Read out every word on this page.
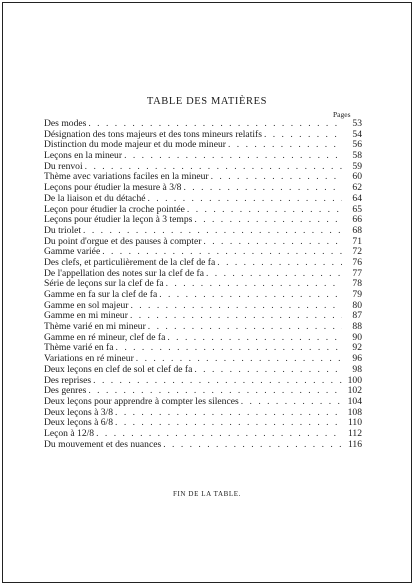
TABLE DES MATIÈRES
Pages
Des modes . . .	53
Désignation des tons majeurs et des tons mineurs relatifs . . .	54
Distinction du mode majeur et du mode mineur . . .	56
Leçons en la mineur . . .	58
Du renvoi . . .	59
Thème avec variations faciles en la mineur . . .	60
Leçons pour étudier la mesure à 3/8 . . .	62
De la liaison et du détaché . . .	64
Leçon pour étudier la croche pointée . . .	65
Leçons pour étudier la leçon à 3 temps . . .	66
Du triolet . . .	68
Du point d'orgue et des pauses à compter . . .	71
Gamme variée . . .	72
Des clefs, et particulièrement de la clef de fa . . .	76
De l'appellation des notes sur la clef de fa . . .	77
Série de leçons sur la clef de fa . . .	78
Gamme en fa sur la clef de fa . . .	79
Gamme en sol majeur . . .	80
Gamme en mi mineur . . .	87
Thème varié en mi mineur . . .	88
Gamme en ré mineur, clef de fa . . .	90
Thème varié en fa . . .	92
Variations en ré mineur . . .	96
Deux leçons en clef de sol et clef de fa . . .	98
Des reprises . . .	100
Des genres . . .	102
Deux leçons pour apprendre à compter les silences . . .	104
Deux leçons à 3/8 . . .	108
Deux leçons à 6/8 . . .	110
Leçon à 12/8 . . .	112
Du mouvement et des nuances . . .	116
FIN DE LA TABLE.
